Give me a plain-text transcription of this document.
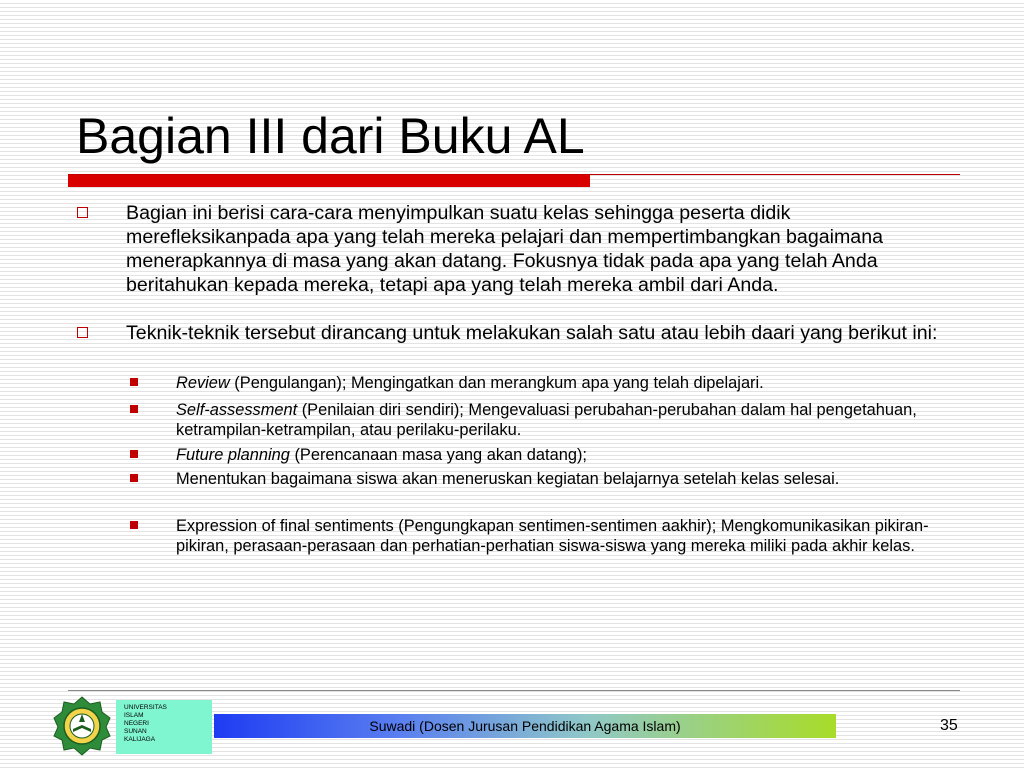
Bagian III dari Buku AL
Bagian ini berisi cara-cara menyimpulkan suatu kelas sehingga peserta didik merefleksikanpada apa yang telah mereka pelajari dan mempertimbangkan bagaimana menerapkannya di masa yang akan datang. Fokusnya tidak pada apa yang telah Anda beritahukan kepada mereka, tetapi apa yang telah mereka ambil dari Anda.
Teknik-teknik tersebut dirancang untuk melakukan salah satu atau lebih daari yang berikut ini:
Review (Pengulangan); Mengingatkan dan merangkum apa yang telah dipelajari.
Self-assessment (Penilaian diri sendiri); Mengevaluasi perubahan-perubahan dalam hal pengetahuan, ketrampilan-ketrampilan, atau perilaku-perilaku.
Future planning (Perencanaan masa yang akan datang);
Menentukan bagaimana siswa akan meneruskan kegiatan belajarnya setelah kelas selesai.
Expression of final sentiments (Pengungkapan sentimen-sentimen aakhir); Mengkomunikasikan pikiran-pikiran, perasaan-perasaan dan perhatian-perhatian siswa-siswa yang mereka miliki pada akhir kelas.
UNIVERSITAS
ISLAM
NEGERI
SUNAN
KALIJAGA
Suwadi (Dosen Jurusan Pendidikan Agama Islam)	35
